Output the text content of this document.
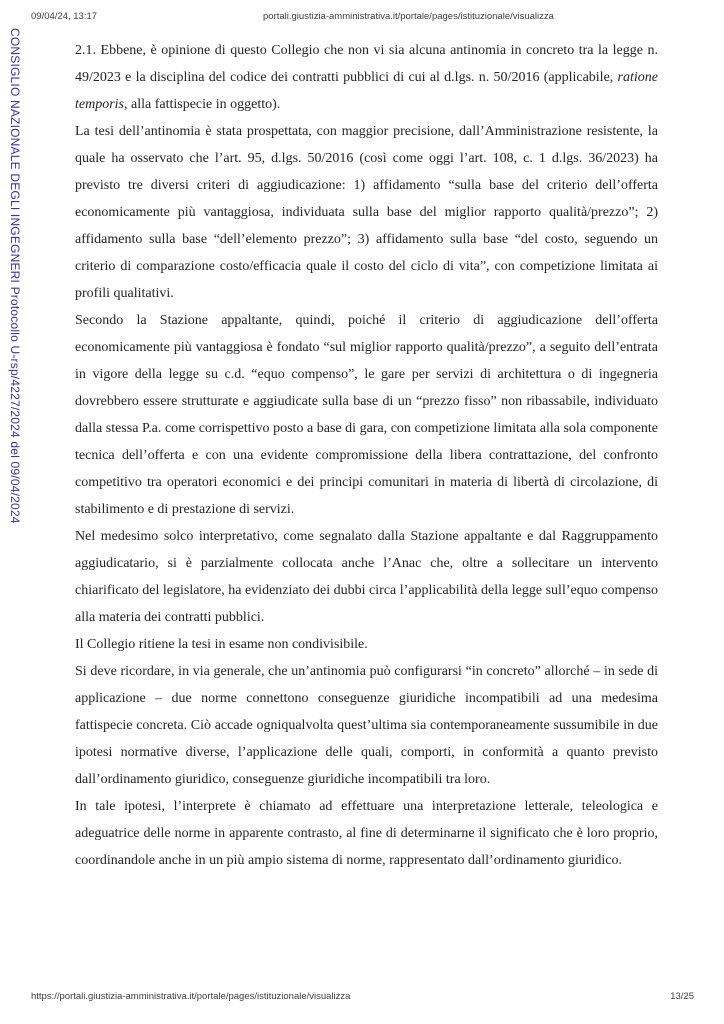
09/04/24, 13:17	portali.giustizia-amministrativa.it/portale/pages/istituzionale/visualizza
CONSIGLIO NAZIONALE DEGLI INGEGNERI Protocollo U-rsp/4227/2024 del 09/04/2024	2.1. Ebbene, è opinione di questo Collegio che non vi sia alcuna antinomia in concreto tra la legge n. 49/2023 e la disciplina del codice dei contratti pubblici di cui al d.lgs. n. 50/2016 (applicabile, ratione temporis, alla fattispecie in oggetto).

La tesi dell’antinomia è stata prospettata, con maggior precisione, dall’Amministrazione resistente, la quale ha osservato che l’art. 95, d.lgs. 50/2016 (così come oggi l’art. 108, c. 1 d.lgs. 36/2023) ha previsto tre diversi criteri di aggiudicazione: 1) affidamento “sulla base del criterio dell’offerta economicamente più vantaggiosa, individuata sulla base del miglior rapporto qualità/prezzo”; 2) affidamento sulla base “dell’elemento prezzo”; 3) affidamento sulla base “del costo, seguendo un criterio di comparazione costo/efficacia quale il costo del ciclo di vita”, con competizione limitata ai profili qualitativi.

Secondo la Stazione appaltante, quindi, poiché il criterio di aggiudicazione dell’offerta economicamente più vantaggiosa è fondato “sul miglior rapporto qualità/prezzo”, a seguito dell’entrata in vigore della legge su c.d. “equo compenso”, le gare per servizi di architettura o di ingegneria dovrebbero essere strutturate e aggiudicate sulla base di un “prezzo fisso” non ribassabile, individuato dalla stessa P.a. come corrispettivo posto a base di gara, con competizione limitata alla sola componente tecnica dell’offerta e con una evidente compromissione della libera contrattazione, del confronto competitivo tra operatori economici e dei principi comunitari in materia di libertà di circolazione, di stabilimento e di prestazione di servizi.

Nel medesimo solco interpretativo, come segnalato dalla Stazione appaltante e dal Raggruppamento aggiudicatario, si è parzialmente collocata anche l’Anac che, oltre a sollecitare un intervento chiarificato del legislatore, ha evidenziato dei dubbi circa l’applicabilità della legge sull’equo compenso alla materia dei contratti pubblici.

Il Collegio ritiene la tesi in esame non condivisibile.

Si deve ricordare, in via generale, che un’antinomia può configurarsi “in concreto” allorché – in sede di applicazione – due norme connettono conseguenze giuridiche incompatibili ad una medesima fattispecie concreta. Ciò accade ogniqualvolta quest’ultima sia contemporaneamente sussumibile in due ipotesi normative diverse, l’applicazione delle quali, comporti, in conformità a quanto previsto dall’ordinamento giuridico, conseguenze giuridiche incompatibili tra loro.

In tale ipotesi, l’interprete è chiamato ad effettuare una interpretazione letterale, teleologica e adeguatrice delle norme in apparente contrasto, al fine di determinarne il significato che è loro proprio, coordinandole anche in un più ampio sistema di norme, rappresentato dall’ordinamento giuridico.

https://portali.giustizia-amministrativa.it/portale/pages/istituzionale/visualizza	13/25
